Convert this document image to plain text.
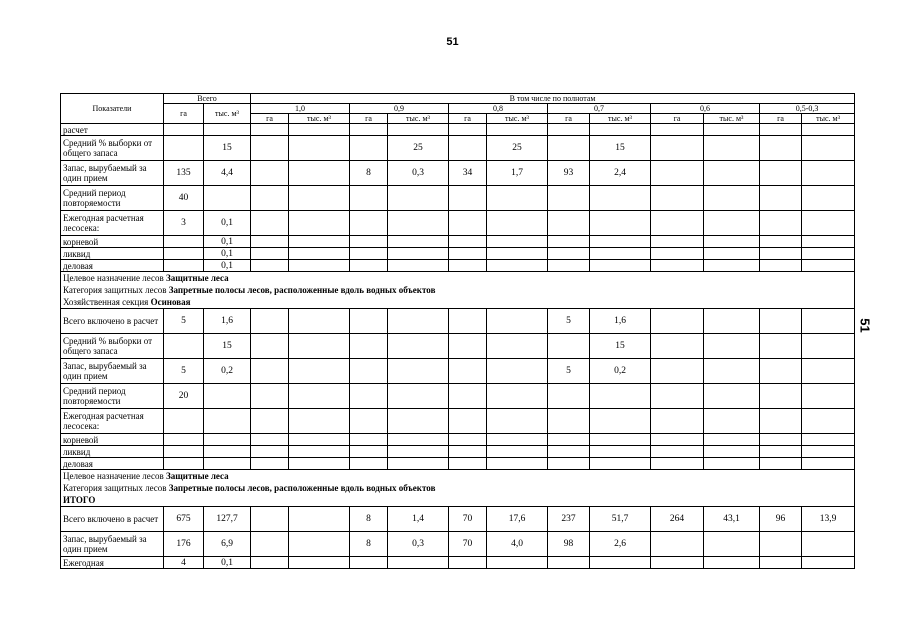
51
51
Показатели	Всего		В том числе по полнотам											
	га	тыс. м³	1,0		0,9		0,8		0,7		0,6		0,5-0,3	
			га	тыс. м³	га	тыс. м³	га	тыс. м³	га	тыс. м³	га	тыс. м³	га	тыс. м³
расчет														
Средний % выборки от общего запаса		15				25		25		15				
Запас, вырубаемый за один прием	135	4,4			8	0,3	34	1,7	93	2,4				
Средний период повторяемости	40													
Ежегодная расчетная лесосека:	3	0,1												
корневой		0,1												
ликвид		0,1												
деловая		0,1												

Целевое назначение лесов Защитные леса
Категория защитных лесов Запретные полосы лесов, расположенные вдоль водных объектов
Хозяйственная секция Осиновая														

Всего включено в расчет	5	1,6							5	1,6				
Средний % выборки от общего запаса		15								15				
Запас, вырубаемый за один прием	5	0,2							5	0,2				
Средний период повторяемости	20													
Ежегодная расчетная лесосека:														
корневой														
ликвид														
деловая														

Целевое назначение лесов Защитные леса
Категория защитных лесов Запретные полосы лесов, расположенные вдоль водных объектов
ИТОГО														

Всего включено в расчет	675	127,7			8	1,4	70	17,6	237	51,7	264	43,1	96	13,9
Запас, вырубаемый за один прием	176	6,9			8	0,3	70	4,0	98	2,6				
Ежегодная	4	0,1												
